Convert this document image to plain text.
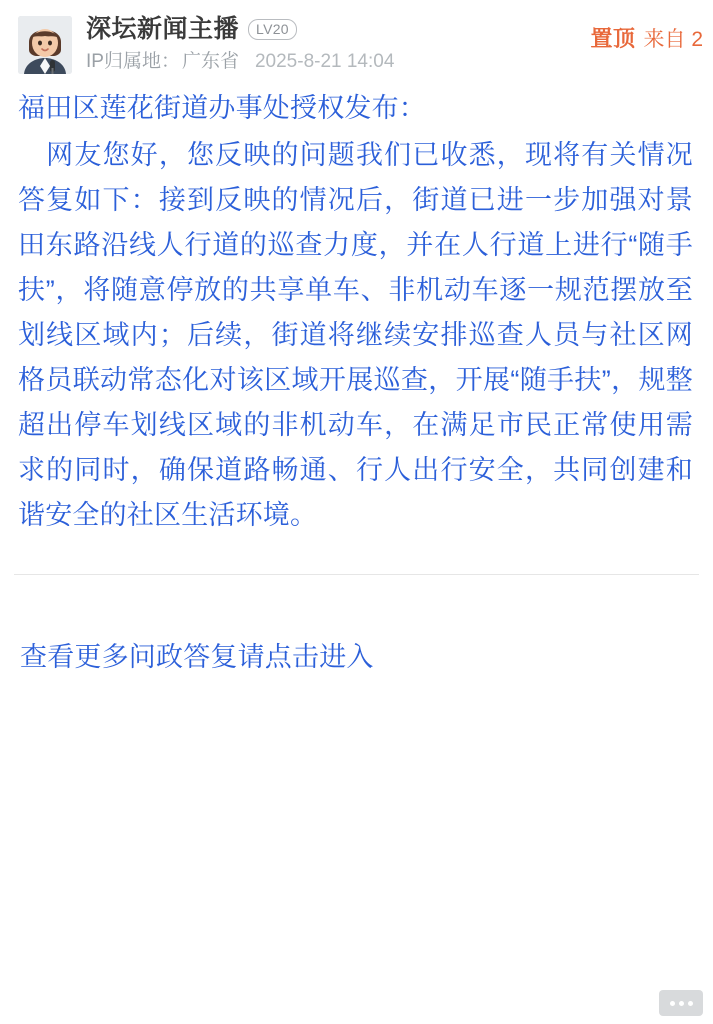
深坛新闻主播	LV20
IP归属地： 广东省 2025-8-21 14:04
置顶 来自 2
福田区莲花街道办事处授权发布：
　网友您好，您反映的问题我们已收悉，现将有关情况答复如下：接到反映的情况后，街道已进一步加强对景田东路沿线人行道的巡查力度，并在人行道上进行“随手扶”，将随意停放的共享单车、非机动车逐一规范摆放至划线区域内；后续，街道将继续安排巡查人员与社区网格员联动常态化对该区域开展巡查，开展“随手扶”，规整超出停车划线区域的非机动车，在满足市民正常使用需求的同时，确保道路畅通、行人出行安全，共同创建和谐安全的社区生活环境。
查看更多问政答复请点击进入
